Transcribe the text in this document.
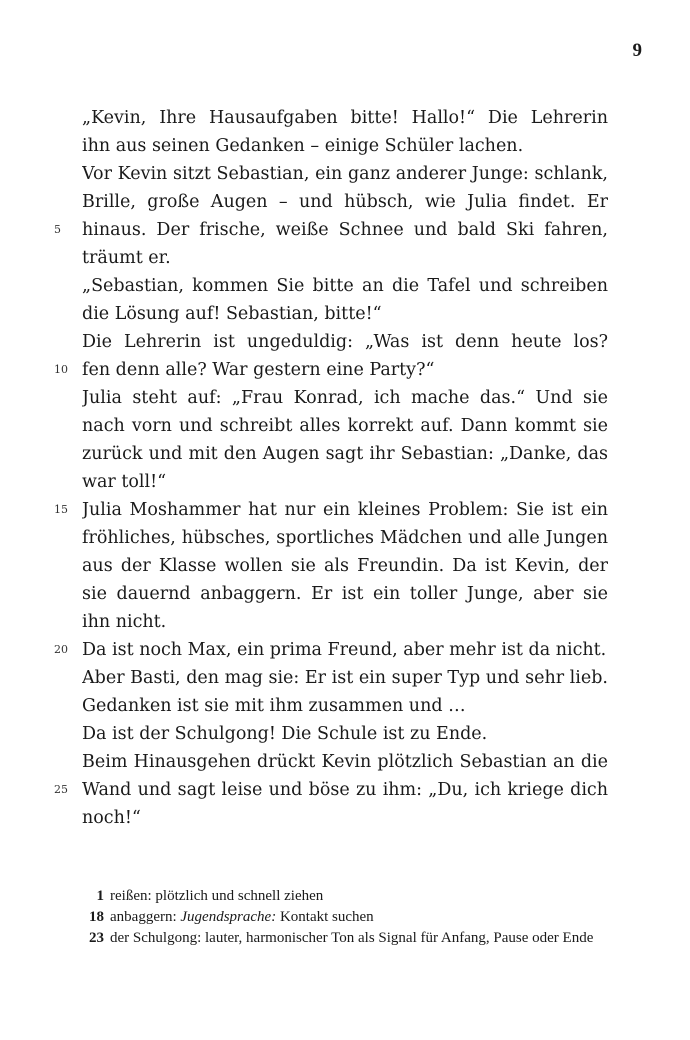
9
„Kevin, Ihre Hausaufgaben bitte! Hallo!“ Die Lehrerin
ihn aus seinen Gedanken – einige Schüler lachen.
Vor Kevin sitzt Sebastian, ein ganz anderer Junge: schlank,
Brille, große Augen – und hübsch, wie Julia findet. Er
5	hinaus. Der frische, weiße Schnee und bald Ski fahren,
träumt er.
„Sebastian, kommen Sie bitte an die Tafel und schreiben
die Lösung auf! Sebastian, bitte!“
Die Lehrerin ist ungeduldig: „Was ist denn heute los?
10 fen denn alle? War gestern eine Party?“
Julia steht auf: „Frau Konrad, ich mache das.“ Und sie
nach vorn und schreibt alles korrekt auf. Dann kommt sie
zurück und mit den Augen sagt ihr Sebastian: „Danke, das
war toll!“
15 Julia Moshammer hat nur ein kleines Problem: Sie ist ein
fröhliches, hübsches, sportliches Mädchen und alle Jungen
aus der Klasse wollen sie als Freundin. Da ist Kevin, der
sie dauernd anbaggern. Er ist ein toller Junge, aber sie
ihn nicht.
20 Da ist noch Max, ein prima Freund, aber mehr ist da nicht.
Aber Basti, den mag sie: Er ist ein super Typ und sehr lieb.
Gedanken ist sie mit ihm zusammen und …
Da ist der Schulgong! Die Schule ist zu Ende.
Beim Hinausgehen drückt Kevin plötzlich Sebastian an die
25 Wand und sagt leise und böse zu ihm: „Du, ich kriege dich
noch!“
1 reißen: plötzlich und schnell ziehen
18 anbaggern: Jugendsprache: Kontakt suchen
23 der Schulgong: lauter, harmonischer Ton als Signal für Anfang, Pause oder Ende
